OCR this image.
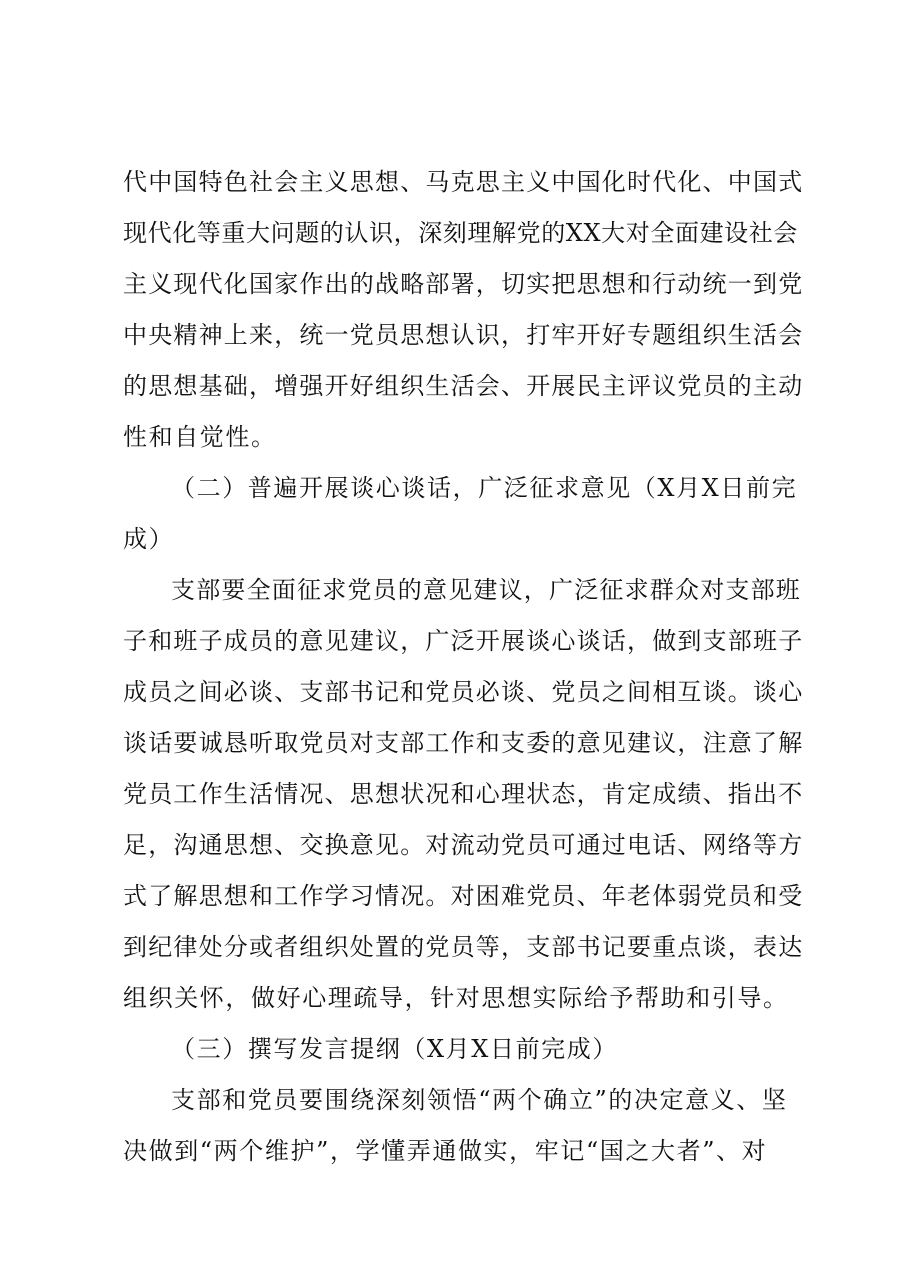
代中国特色社会主义思想、马克思主义中国化时代化、中国式
现代化等重大问题的认识，深刻理解党的XX大对全面建设社会
主义现代化国家作出的战略部署，切实把思想和行动统一到党
中央精神上来，统一党员思想认识，打牢开好专题组织生活会
的思想基础，增强开好组织生活会、开展民主评议党员的主动
性和自觉性。
（二）普遍开展谈心谈话，广泛征求意见（X月X日前完
成）
支部要全面征求党员的意见建议，广泛征求群众对支部班
子和班子成员的意见建议，广泛开展谈心谈话，做到支部班子
成员之间必谈、支部书记和党员必谈、党员之间相互谈。谈心
谈话要诚恳听取党员对支部工作和支委的意见建议，注意了解
党员工作生活情况、思想状况和心理状态，肯定成绩、指出不
足，沟通思想、交换意见。对流动党员可通过电话、网络等方
式了解思想和工作学习情况。对困难党员、年老体弱党员和受
到纪律处分或者组织处置的党员等，支部书记要重点谈，表达
组织关怀，做好心理疏导，针对思想实际给予帮助和引导。
（三）撰写发言提纲（X月X日前完成）
支部和党员要围绕深刻领悟“两个确立”的决定意义、坚
决做到“两个维护”，学懂弄通做实，牢记“国之大者”、对
